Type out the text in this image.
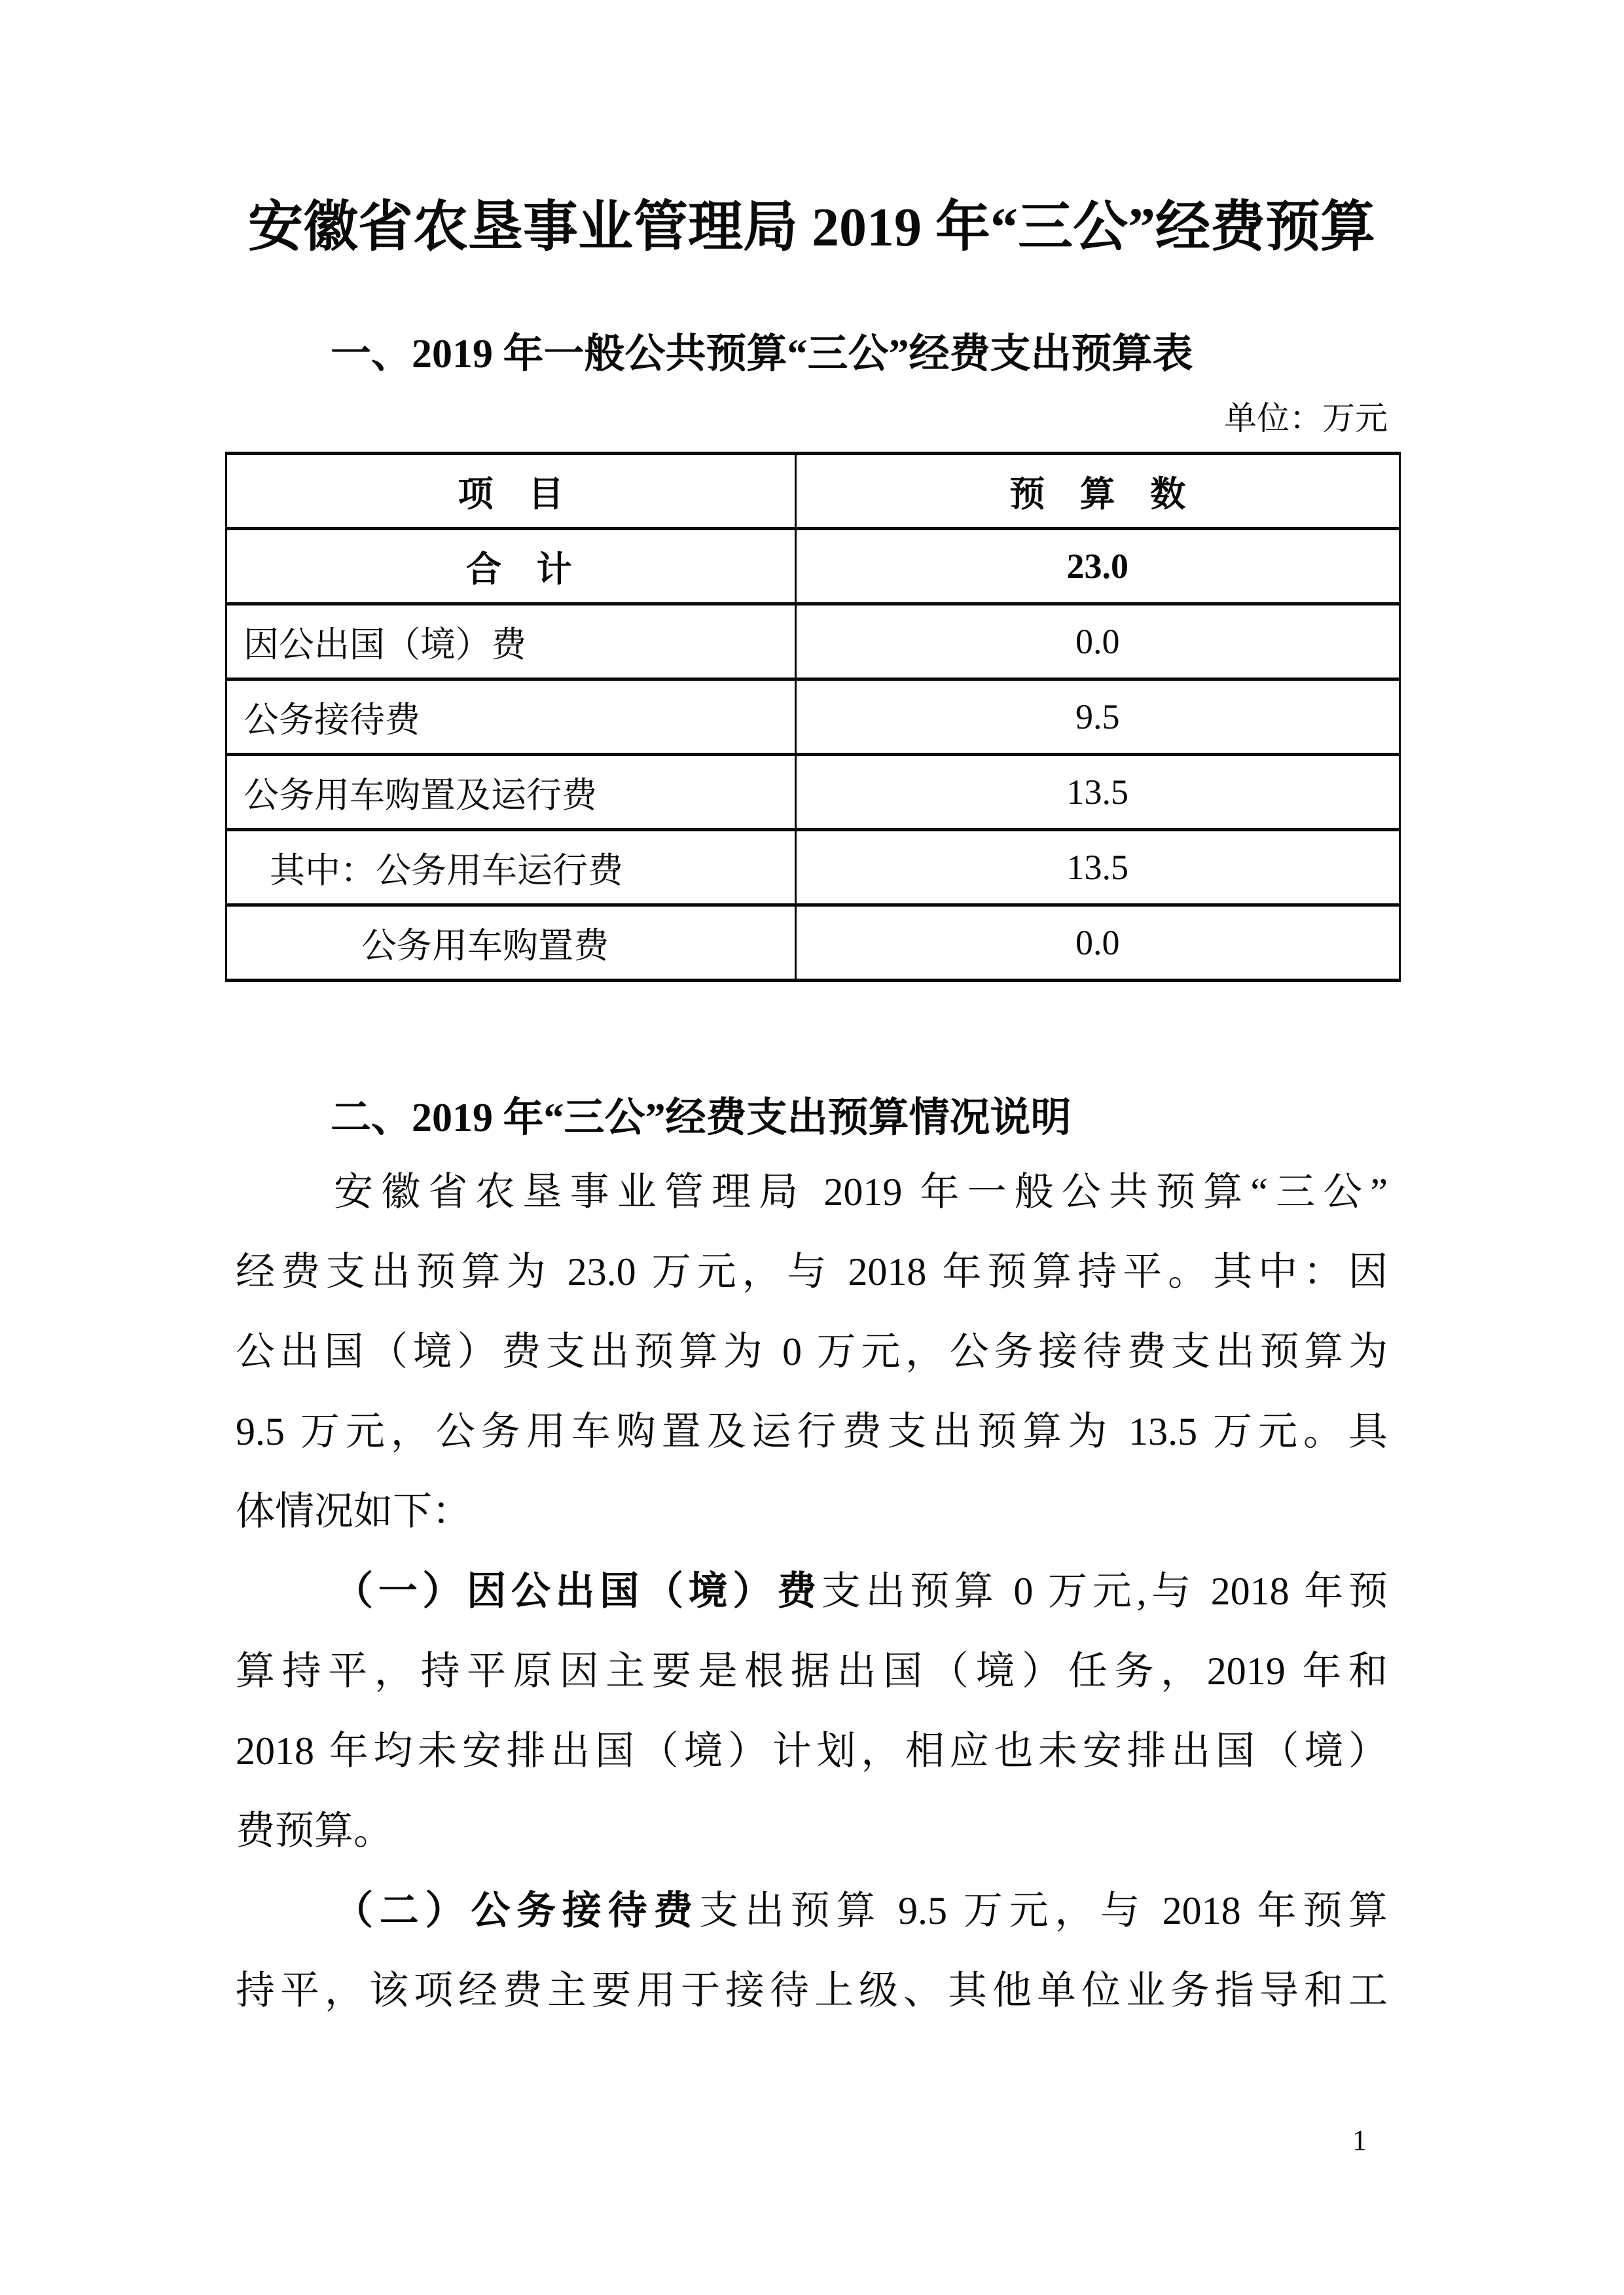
安徽省农垦事业管理局 2019 年“三公”经费预算
一、2019 年一般公共预算“三公”经费支出预算表
单位：万元
项 目	预 算 数
合 计	23.0
因公出国（境）费	0.0
公务接待费	9.5
公务用车购置及运行费	13.5
其中：公务用车运行费	13.5
公务用车购置费	0.0
二、2019 年“三公”经费支出预算情况说明
安徽省农垦事业管理局 2019 年一般公共预算“三公”
经费支出预算为 23.0 万元，与 2018 年预算持平。其中：因
公出国（境）费支出预算为 0 万元，公务接待费支出预算为
9.5 万元，公务用车购置及运行费支出预算为 13.5 万元。具
体情况如下：
（一）因公出国（境）费支出预算 0 万元,与 2018 年预
算持平，持平原因主要是根据出国（境）任务，2019 年和
2018 年均未安排出国（境）计划，相应也未安排出国（境）
费预算。
（二）公务接待费支出预算 9.5 万元，与 2018 年预算
持平，该项经费主要用于接待上级、其他单位业务指导和工
1
